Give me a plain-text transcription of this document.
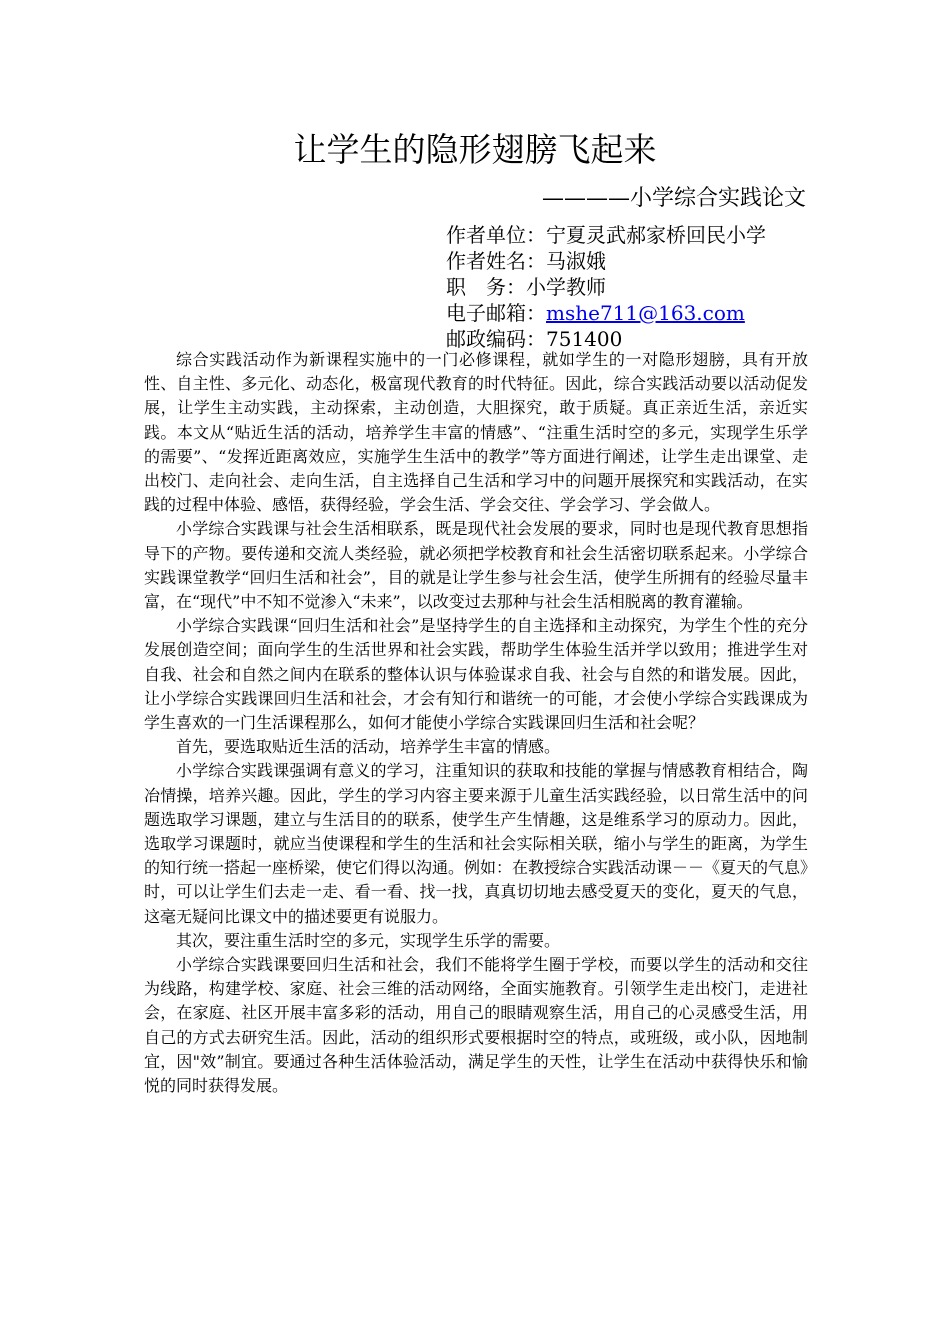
让学生的隐形翅膀飞起来
————小学综合实践论文
作者单位：宁夏灵武郝家桥回民小学
作者姓名：马淑娥
职　务：小学教师
电子邮箱：mshe711@163.com
邮政编码：751400

综合实践活动作为新课程实施中的一门必修课程，就如学生的一对隐形翅膀，具有开放性、自主性、多元化、动态化，极富现代教育的时代特征。因此，综合实践活动要以活动促发展，让学生主动实践，主动探索，主动创造，大胆探究，敢于质疑。真正亲近生活，亲近实践。本文从“贴近生活的活动，培养学生丰富的情感”、“注重生活时空的多元，实现学生乐学的需要”、“发挥近距离效应，实施学生生活中的教学”等方面进行阐述，让学生走出课堂、走出校门、走向社会、走向生活，自主选择自己生活和学习中的问题开展探究和实践活动，在实践的过程中体验、感悟，获得经验，学会生活、学会交往、学会学习、学会做人。

小学综合实践课与社会生活相联系，既是现代社会发展的要求，同时也是现代教育思想指导下的产物。要传递和交流人类经验，就必须把学校教育和社会生活密切联系起来。小学综合实践课堂教学“回归生活和社会”，目的就是让学生参与社会生活，使学生所拥有的经验尽量丰富，在“现代”中不知不觉渗入“未来”，以改变过去那种与社会生活相脱离的教育灌输。

小学综合实践课“回归生活和社会”是坚持学生的自主选择和主动探究，为学生个性的充分发展创造空间；面向学生的生活世界和社会实践，帮助学生体验生活并学以致用；推进学生对自我、社会和自然之间内在联系的整体认识与体验谋求自我、社会与自然的和谐发展。因此，让小学综合实践课回归生活和社会，才会有知行和谐统一的可能，才会使小学综合实践课成为学生喜欢的一门生活课程那么，如何才能使小学综合实践课回归生活和社会呢？

首先，要选取贴近生活的活动，培养学生丰富的情感。

小学综合实践课强调有意义的学习，注重知识的获取和技能的掌握与情感教育相结合，陶冶情操，培养兴趣。因此，学生的学习内容主要来源于儿童生活实践经验，以日常生活中的问题选取学习课题，建立与生活目的的联系，使学生产生情趣，这是维系学习的原动力。因此，选取学习课题时，就应当使课程和学生的生活和社会实际相关联，缩小与学生的距离，为学生的知行统一搭起一座桥梁，使它们得以沟通。例如：在教授综合实践活动课－－《夏天的气息》时，可以让学生们去走一走、看一看、找一找，真真切切地去感受夏天的变化，夏天的气息，这毫无疑问比课文中的描述要更有说服力。

其次，要注重生活时空的多元，实现学生乐学的需要。

小学综合实践课要回归生活和社会，我们不能将学生圈于学校，而要以学生的活动和交往为线路，构建学校、家庭、社会三维的活动网络，全面实施教育。引领学生走出校门，走进社会，在家庭、社区开展丰富多彩的活动，用自己的眼睛观察生活，用自己的心灵感受生活，用自己的方式去研究生活。因此，活动的组织形式要根据时空的特点，或班级，或小队，因地制宜，因"效”制宜。要通过各种生活体验活动，满足学生的天性，让学生在活动中获得快乐和愉悦的同时获得发展。
